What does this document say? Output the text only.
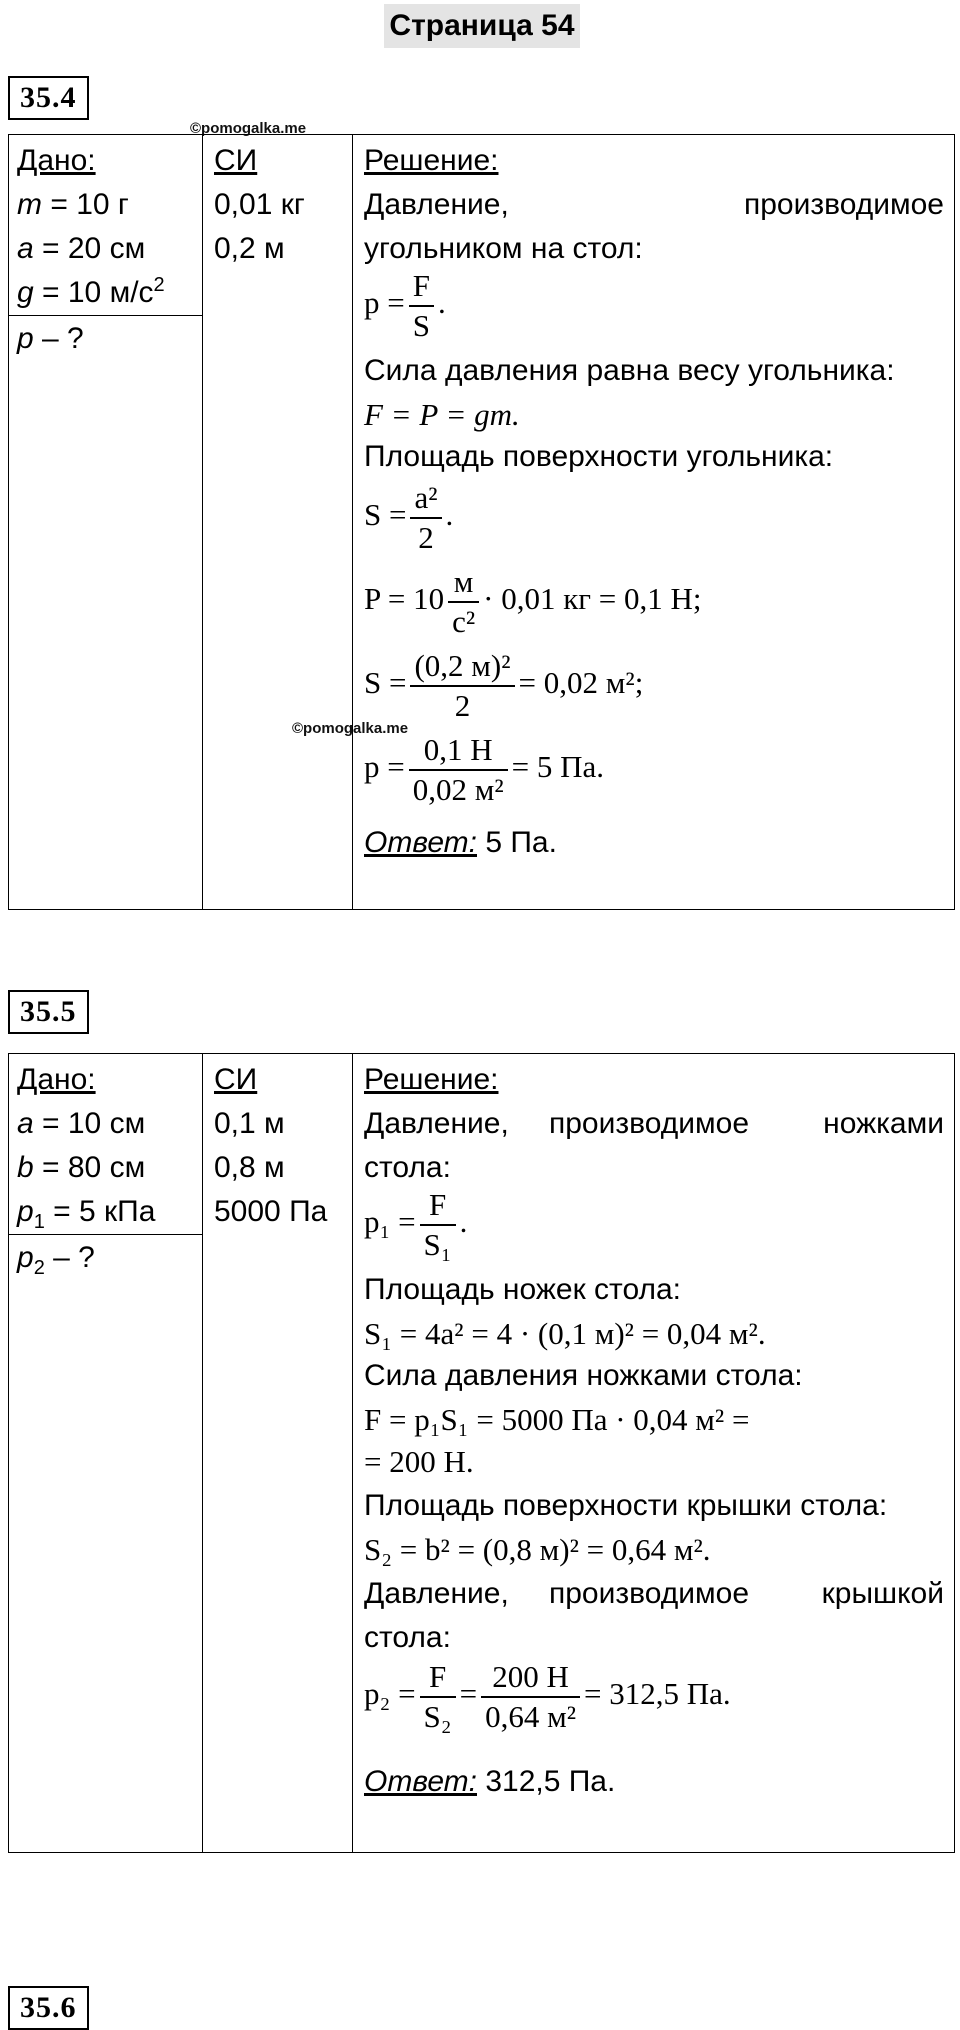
Страница 54
35.4
©pomogalka.me
Дано:
m = 10 г
a = 20 см
g = 10 $м/с^2$
p – ?
СИ
0,01 кг
0,2 м
Решение:
Давление,	производимое
угольником на стол:
$p = \frac{F}{S}$ .
Сила давления равна весу угольника:
F = P = gm.
Площадь поверхности угольника:
$S = \frac{\text{a²}}{2}$ .
$P = 10 \frac{м}{\text{с²}} \cdot 0,01$ кг = 0,1 Н;
$S = \frac{\text{(0,2 м)²}}{2} = 0,02$ м²;
$p = \frac{0,1 Н}{\text{0,02 м²}} = 5$ Па.
Ответ: 5 Па.
©pomogalka.me
35.5
Дано:
a = 10 см
b = 80 см
$p_1 = 5$ кПа
$p_2$ – ?
СИ
0,1 м
0,8 м
5000 Па
Решение:
Давление, производимое ножками
стола:
$p_1 = \frac{F}{\text{S₁}}$ .
Площадь ножек стола:
S₁ = 4a² = 4 · (0,1 м)² = 0,04 м².
Сила давления ножками стола:
F = p₁S₁ = 5000 Па · 0,04 м² =
= 200 Н.
Площадь поверхности крышки стола:
S₂ = b² = (0,8 м)² = 0,64 м².
Давление, производимое крышкой
стола:
$p_2 = \frac{F}{\text{S₂}} = \frac{200 Н}{\text{0,64 м²}} = 312,5$ Па.
Ответ: 312,5 Па.
35.6
